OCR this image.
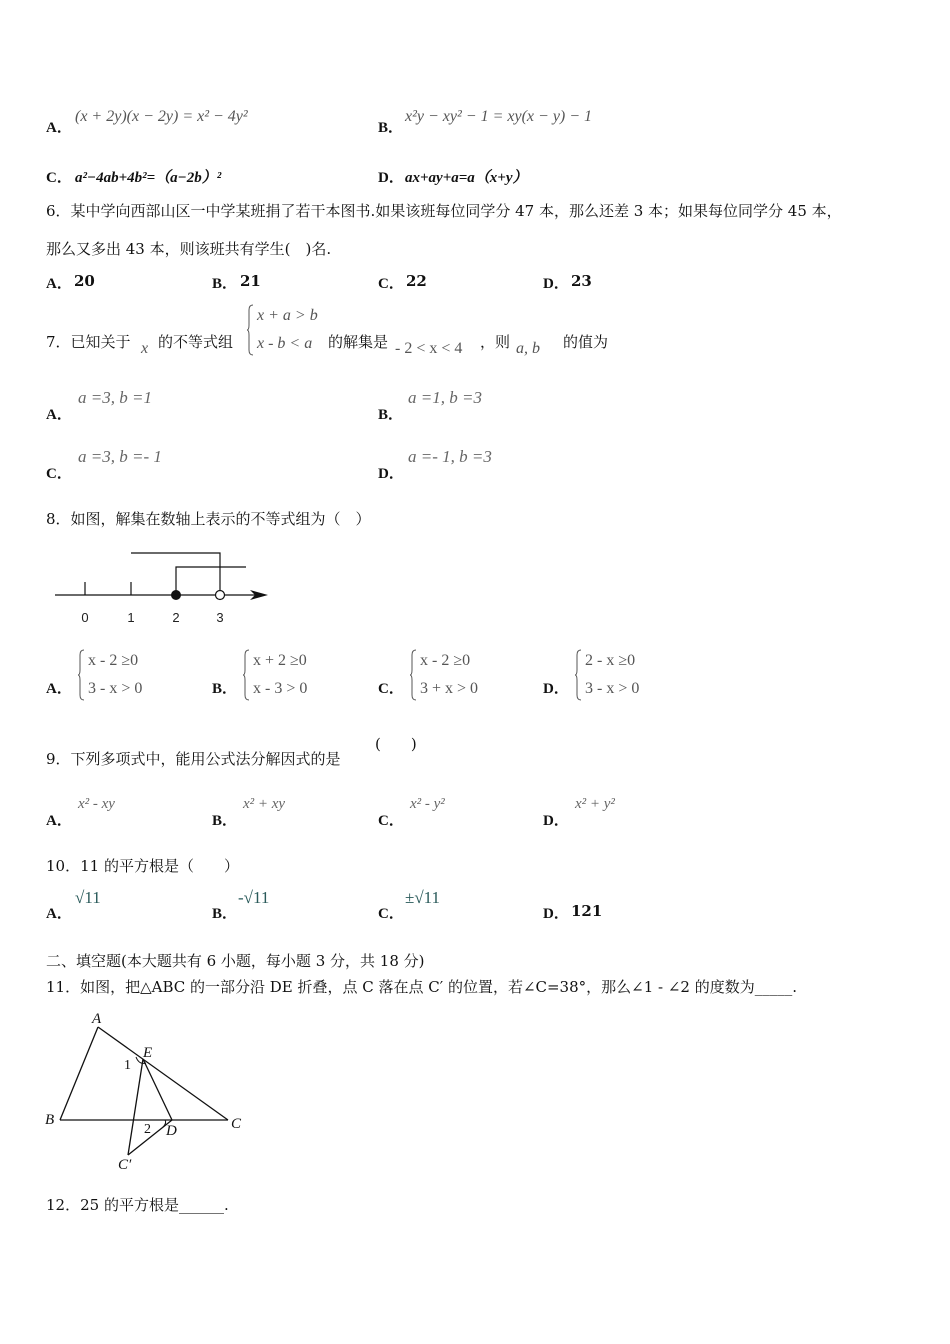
A．
(x + 2y)(x − 2y) = x² − 4y²
B．
x²y − xy² − 1 = xy(x − y) − 1
C． a²−4ab+4b²=（a−2b）²	D． ax+ay+a=a（x+y）
6．某中学向西部山区一中学某班捐了若干本图书.如果该班每位同学分 47 本，那么还差 3 本；如果每位同学分 45 本，
那么又多出 43 本，则该班共有学生(　)名.
A． 20	B． 21	C． 22	D． 23
7．已知关于 x 的不等式组
x + a > b
x - b < a 的解集是 - 2 < x < 4 ，则 a, b 的值为
A．
a =3, b =1
B．
a =1, b =3
C．
a =3, b =- 1
D．
a =- 1, b =3
8．如图，解集在数轴上表示的不等式组为（　）
0	1	2	3
A．
x - 2 ≥0
3 - x > 0	B．
x + 2 ≥0
x - 3 > 0	C．
x - 2 ≥0
3 + x > 0	D．
2 - x ≥0
3 - x > 0
9．下列多项式中，能用公式法分解因式的是
(　　)
A．
x² - xy
B．
x² + xy
C．
x² - y²
D．
x² + y²
10．11 的平方根是（　　）
A．
√11
B．
-√11
C．
±√11
D． 121
二、填空题(本大题共有 6 小题，每小题 3 分，共 18 分)
11．如图，把△ABC 的一部分沿 DE 折叠，点 C 落在点 C′ 的位置，若∠C=38°，那么∠1 - ∠2 的度数为_____.
A
B	C
C′
D
E
1
2
12．25 的平方根是______.
